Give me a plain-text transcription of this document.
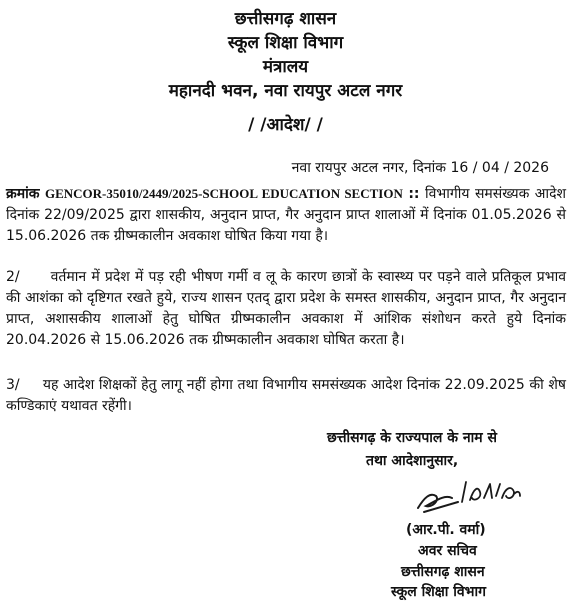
छत्तीसगढ़ शासन
स्कूल शिक्षा विभाग
मंत्रालय
महानदी भवन, नवा रायपुर अटल नगर
/ /आदेश/ /
नवा रायपुर अटल नगर, दिनांक 16 / 04 / 2026

क्रमांक GENCOR-35010/2449/2025-SCHOOL EDUCATION SECTION :: विभागीय समसंख्यक आदेश दिनांक 22/09/2025 द्वारा शासकीय, अनुदान प्राप्त, गैर अनुदान प्राप्त शालाओं में दिनांक 01.05.2026 से 15.06.2026 तक ग्रीष्मकालीन अवकाश घोषित किया गया है।

2/ वर्तमान में प्रदेश में पड़ रही भीषण गर्मी व लू के कारण छात्रों के स्वास्थ्य पर पड़ने वाले प्रतिकूल प्रभाव की आशंका को दृष्टिगत रखते हुये, राज्य शासन एतद् द्वारा प्रदेश के समस्त शासकीय, अनुदान प्राप्त, गैर अनुदान प्राप्त, अशासकीय शालाओं हेतु घोषित ग्रीष्मकालीन अवकाश में आंशिक संशोधन करते हुये दिनांक 20.04.2026 से 15.06.2026 तक ग्रीष्मकालीन अवकाश घोषित करता है।

3/ यह आदेश शिक्षकों हेतु लागू नहीं होगा तथा विभागीय समसंख्यक आदेश दिनांक 22.09.2025 की शेष कण्डिकाएं यथावत रहेंगी।

छत्तीसगढ़ के राज्यपाल के नाम से
तथा आदेशानुसार,
(आर.पी. वर्मा)
अवर सचिव
छत्तीसगढ़ शासन
स्कूल शिक्षा विभाग
